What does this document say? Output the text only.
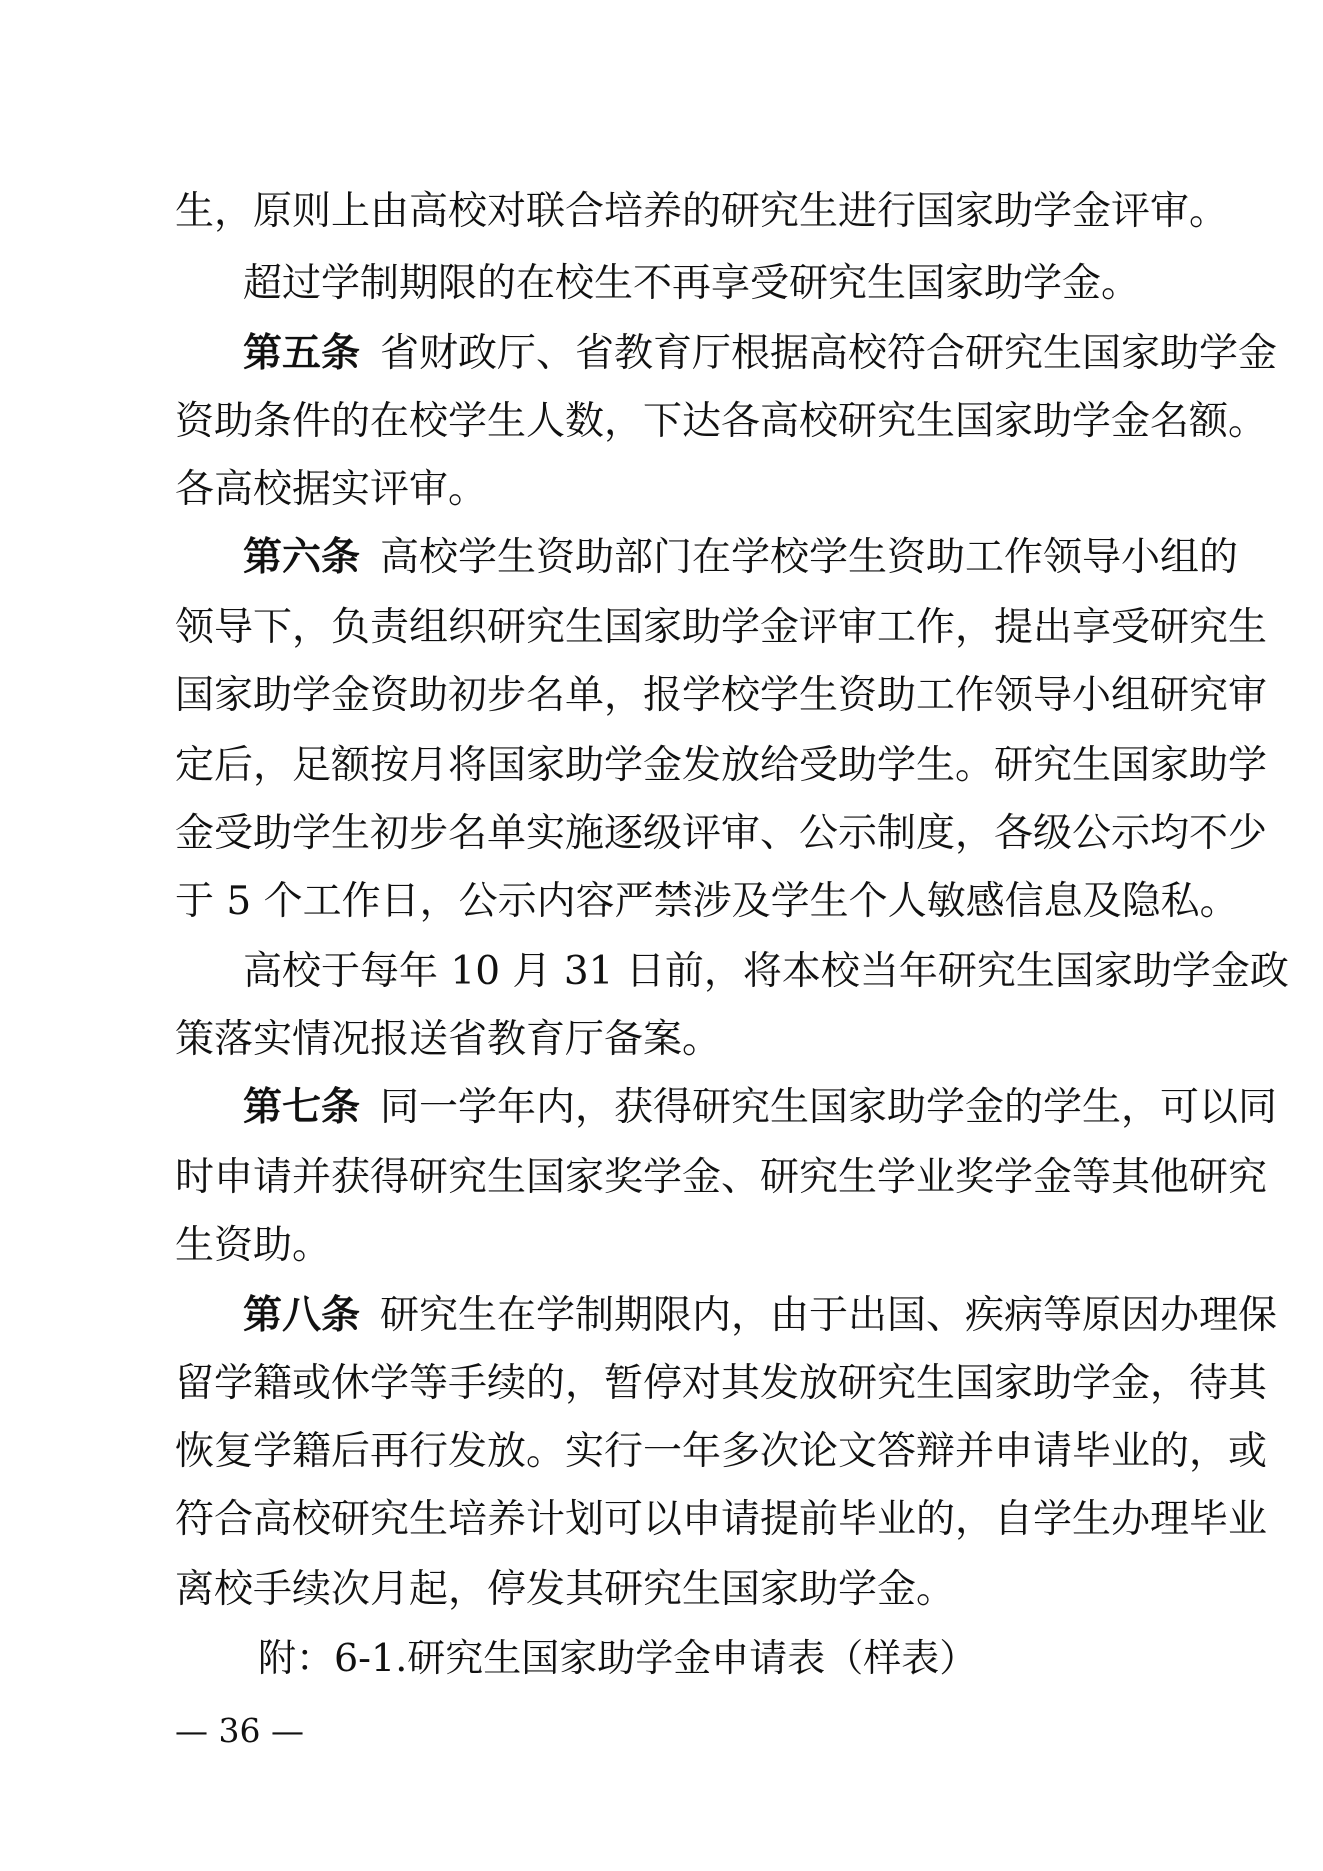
生，原则上由高校对联合培养的研究生进行国家助学金评审。
超过学制期限的在校生不再享受研究生国家助学金。
第五条 省财政厅、省教育厅根据高校符合研究生国家助学金
资助条件的在校学生人数，下达各高校研究生国家助学金名额。
各高校据实评审。
第六条 高校学生资助部门在学校学生资助工作领导小组的
领导下，负责组织研究生国家助学金评审工作，提出享受研究生
国家助学金资助初步名单，报学校学生资助工作领导小组研究审
定后，足额按月将国家助学金发放给受助学生。研究生国家助学
金受助学生初步名单实施逐级评审、公示制度，各级公示均不少
于 5 个工作日，公示内容严禁涉及学生个人敏感信息及隐私。
高校于每年 10 月 31 日前，将本校当年研究生国家助学金政
策落实情况报送省教育厅备案。
第七条 同一学年内，获得研究生国家助学金的学生，可以同
时申请并获得研究生国家奖学金、研究生学业奖学金等其他研究
生资助。
第八条 研究生在学制期限内，由于出国、疾病等原因办理保
留学籍或休学等手续的，暂停对其发放研究生国家助学金，待其
恢复学籍后再行发放。实行一年多次论文答辩并申请毕业的，或
符合高校研究生培养计划可以申请提前毕业的，自学生办理毕业
离校手续次月起，停发其研究生国家助学金。
附：6-1.研究生国家助学金申请表（样表）
— 36 —
